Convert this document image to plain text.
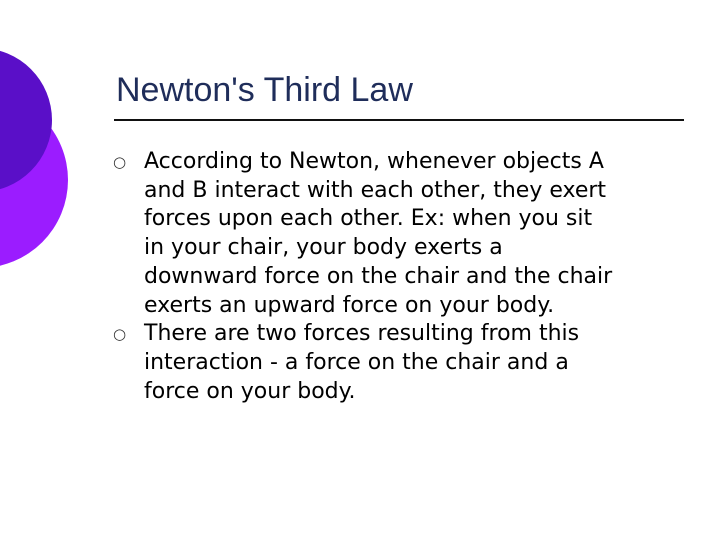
Newton's Third Law
○ According to Newton, whenever objects A
and B interact with each other, they exert
forces upon each other. Ex: when you sit
in your chair, your body exerts a
downward force on the chair and the chair
exerts an upward force on your body.
○ There are two forces resulting from this
interaction - a force on the chair and a
force on your body.
